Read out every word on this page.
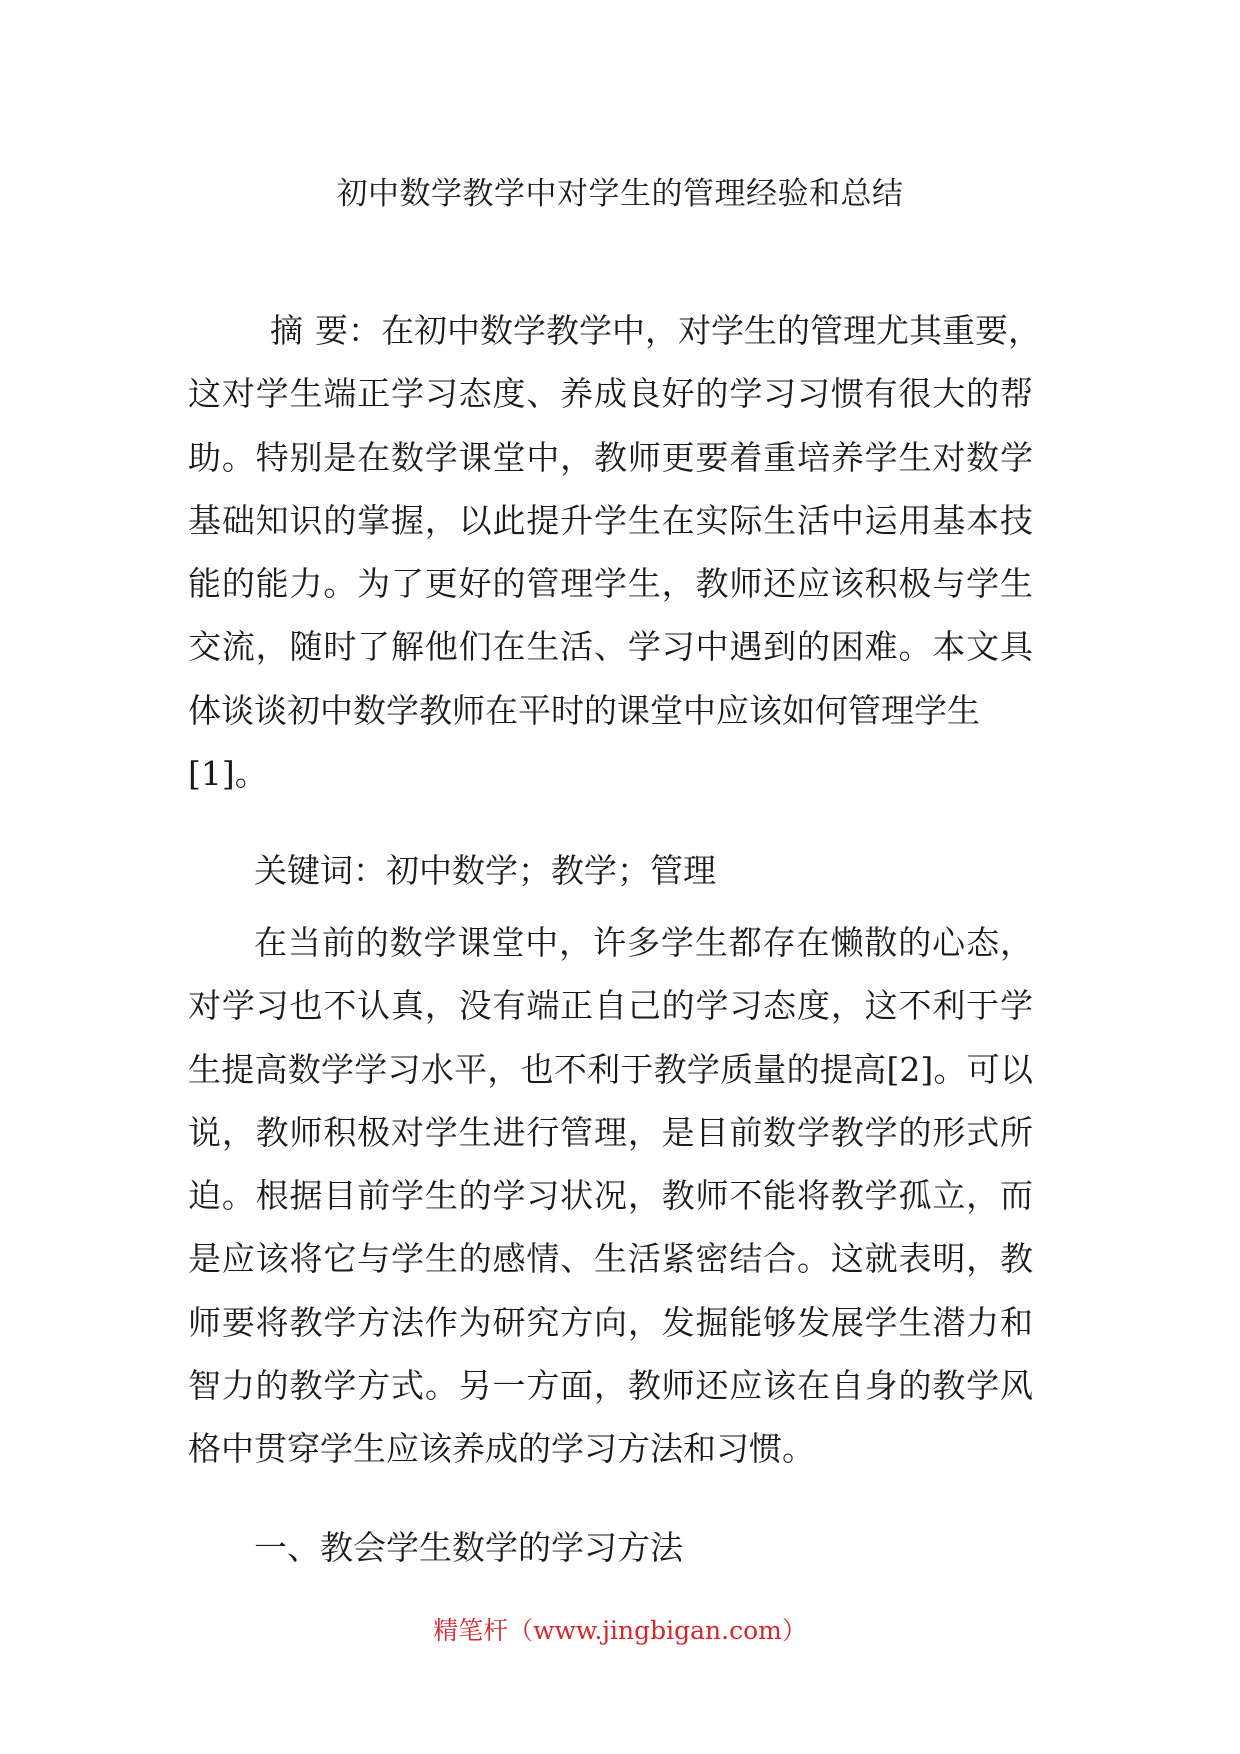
初中数学教学中对学生的管理经验和总结
摘 要：在初中数学教学中，对学生的管理尤其重要，
这对学生端正学习态度、养成良好的学习习惯有很大的帮
助。特别是在数学课堂中，教师更要着重培养学生对数学
基础知识的掌握，以此提升学生在实际生活中运用基本技
能的能力。为了更好的管理学生，教师还应该积极与学生
交流，随时了解他们在生活、学习中遇到的困难。本文具
体谈谈初中数学教师在平时的课堂中应该如何管理学生
[1]。
关键词：初中数学；教学；管理
在当前的数学课堂中，许多学生都存在懒散的心态，
对学习也不认真，没有端正自己的学习态度，这不利于学
生提高数学学习水平，也不利于教学质量的提高[2]。可以
说，教师积极对学生进行管理，是目前数学教学的形式所
迫。根据目前学生的学习状况，教师不能将教学孤立，而
是应该将它与学生的感情、生活紧密结合。这就表明，教
师要将教学方法作为研究方向，发掘能够发展学生潜力和
智力的教学方式。另一方面，教师还应该在自身的教学风
格中贯穿学生应该养成的学习方法和习惯。
一、教会学生数学的学习方法
精笔杆（www.jingbigan.com）
